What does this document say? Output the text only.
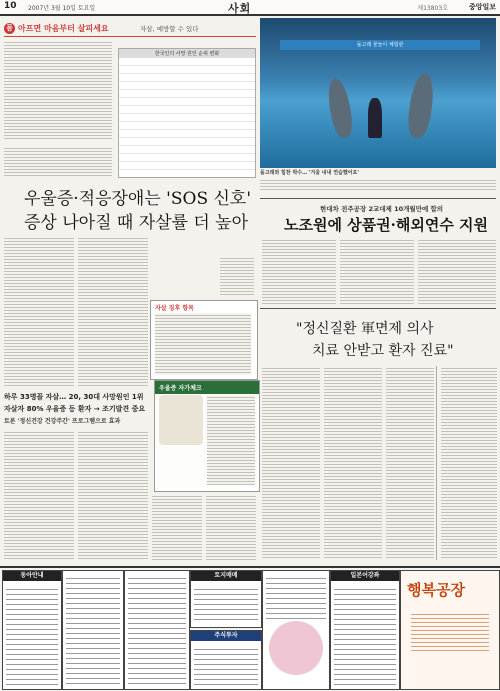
10 2007년 3월 10일 토요일	사회	제13803호	중앙일보
몸 아프면 마음부터 살피세요	자살, 예방할 수 있다
한국인의 사망 원인 순위 변화
우울증·적응장애는 'SOS 신호'
증상 나아질 때 자살률 더 높아
자살 징후 항목
하루 33명꼴 자살… 20, 30대 사망원인 1위
자살자 80% 우울증 등 환자 → 조기발견 중요
토론 '정신건강 건강주간' 프로그램으로 효과
우울증 자가체크
돌고래 물놀이 체험관
돌고래와 힘찬 박수… '겨울 내내 연습했어요'
현대차 전주공장 2교대제 10개월만에 합의
노조원에 상품권·해외연수 지원
"정신질환 軍면제 의사
치료 안받고 환자 진료"
동아안내	토지매매
주식투자
일본어강좌
행복공장
